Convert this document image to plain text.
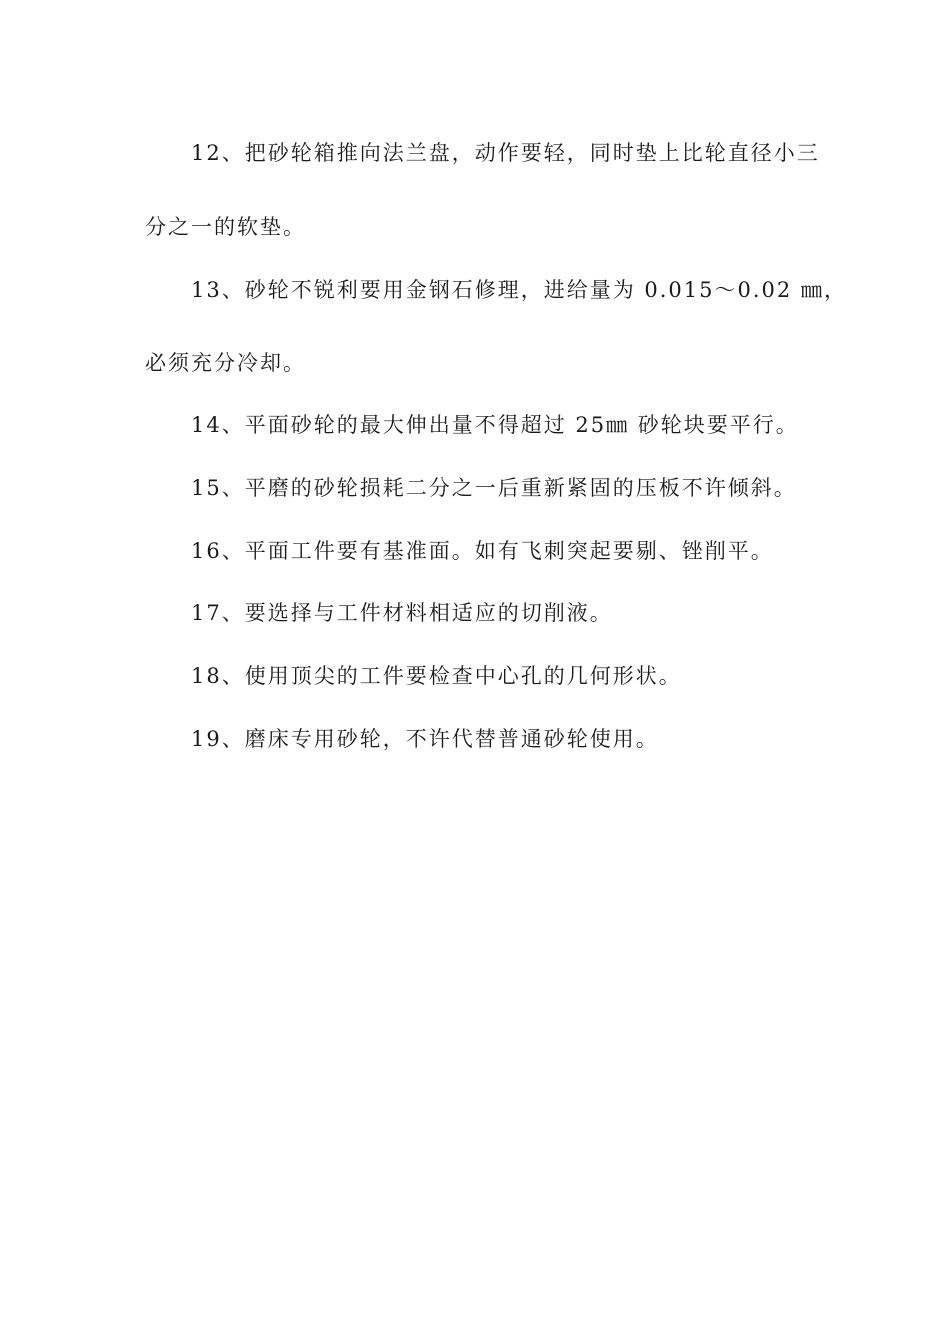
12、把砂轮箱推向法兰盘，动作要轻，同时垫上比轮直径小三
分之一的软垫。
13、砂轮不锐利要用金钢石修理，进给量为 0.015～0.02 ㎜，
必须充分冷却。
14、平面砂轮的最大伸出量不得超过 25㎜ 砂轮块要平行。
15、平磨的砂轮损耗二分之一后重新紧固的压板不许倾斜。
16、平面工件要有基准面。如有飞刺突起要剔、锉削平。
17、要选择与工件材料相适应的切削液。
18、使用顶尖的工件要检查中心孔的几何形状。
19、磨床专用砂轮，不许代替普通砂轮使用。
